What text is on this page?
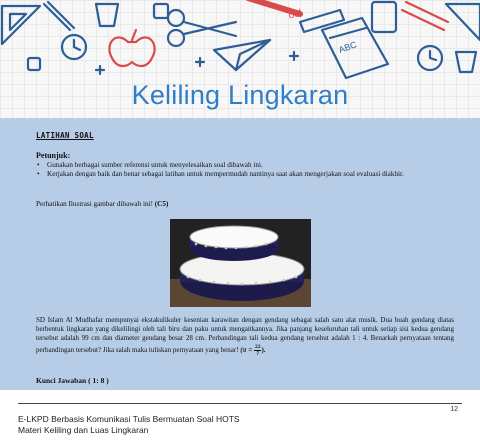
ool
ABC
Keliling Lingkaran
LATIHAN SOAL
Petunjuk:
• Gunakan berbagai sumber referensi untuk menyelesaikan soal dibawah ini.
• Kerjakan dengan baik dan benar sebagai latihan untuk mempermudah nantinya saat akan mengerjakan soal evaluasi diakhir.
Perhatikan Ilustrasi gambar dibawah ini! (C5)

SD Islam Al Mudhafar mempunyai ekstakulikuler kesenian karawitan dengan gendang sebagai salah satu alat musik. Dua buah gendang diatas berbentuk lingkaran yang dikelilingi oleh tali biru dan paku untuk mengaitkannya. Jika panjang keseluruhan tali untuk setiap sisi kedua gendang tersebut adalah 99 cm dan diameter gendang besar 28 cm. Perbandingan tali kedua gendang tersebut adalah 1 : 4. Benarkah pernyataan tentang perbandingan tersebut? Jika salah maka tuliskan pernyataan yang benar! ($\pi = \frac{22}{7}$ ).

Kunci Jawaban ( 1: 8 )
12
E-LKPD Berbasis Komunikasi Tulis Bermuatan Soal HOTS
Materi Keliling dan Luas Lingkaran
